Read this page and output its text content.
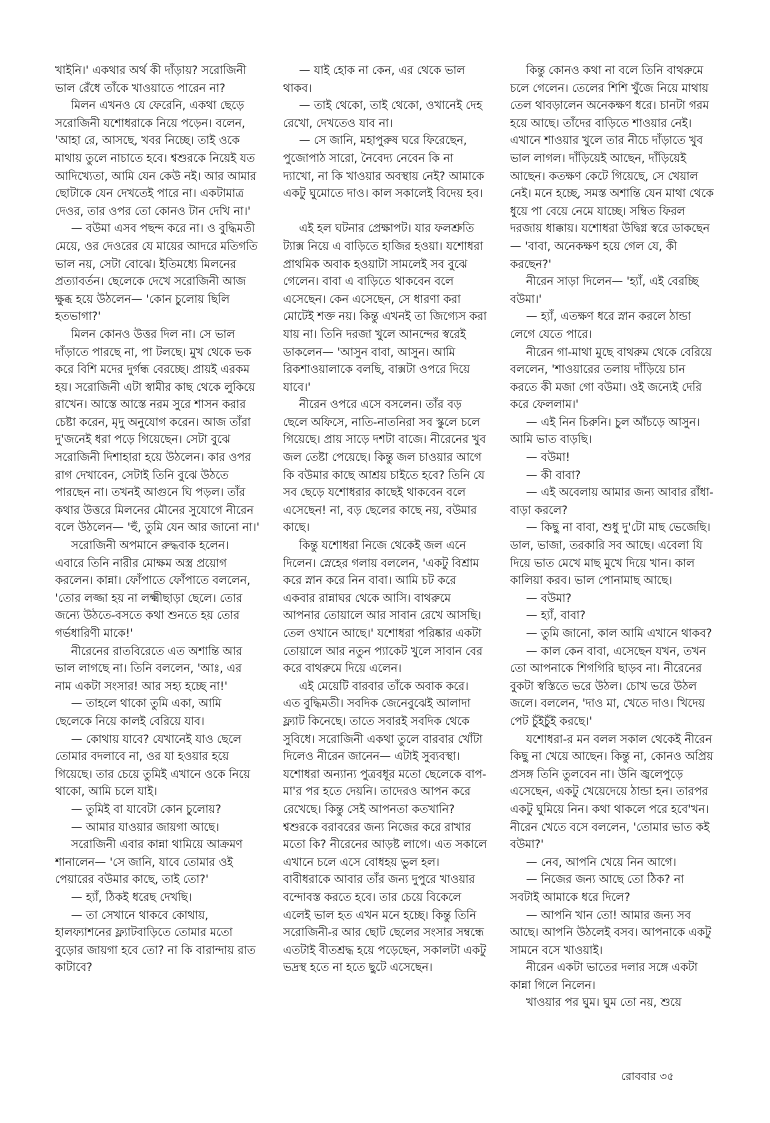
খাইনি।' একথার অর্থ কী দাঁড়ায়? সরোজিনী ভাল রেঁধে তাঁকে খাওয়াতে পারেন না?

মিলন এখনও যে ফেরেনি, একথা ছেড়ে সরোজিনী যশোধরাকে নিয়ে পড়েন। বলেন, 'আহা রে, আসছে, খবর নিচ্ছে। তাই ওকে মাথায় তুলে নাচাতে হবে। শ্বশুরকে নিয়েই যত আদিখ্যেতা, আমি যেন কেউ নই। আর আমার ছোটাকে যেন দেখতেই পারে না। একটামাত্র দেওর, তার ওপর তো কোনও টান দেখি না।'

— বউমা এসব পছন্দ করে না। ও বুদ্ধিমতী মেয়ে, ওর দেওরের যে মায়ের আদরে মতিগতি ভাল নয়, সেটা বোঝে। ইতিমধ্যে মিলনের প্রত্যাবর্তন। ছেলেকে দেখে সরোজিনী আজ ক্ষুব্ধ হয়ে উঠলেন— 'কোন চুলোয় ছিলি হতভাগা?'

মিলন কোনও উত্তর দিল না। সে ভাল দাঁড়াতে পারছে না, পা টলছে। মুখ থেকে ভক করে বিশি মদের দুর্গন্ধ বেরচ্ছে। প্রায়ই এরকম হয়। সরোজিনী এটা স্বামীর কাছ থেকে লুকিয়ে রাখেন। আস্তে আস্তে নরম সুরে শাসন করার চেষ্টা করেন, মৃদু অনুযোগ করেন। আজ তাঁরা দু'জনেই ধরা পড়ে গিয়েছেন। সেটা বুঝে সরোজিনী দিশাহারা হয়ে উঠলেন। কার ওপর রাগ দেখাবেন, সেটাই তিনি বুঝে উঠতে পারছেন না। তখনই আগুনে ঘি পড়ল। তাঁর কথার উত্তরে মিলনের মৌনের সুযোগে নীরেন বলে উঠলেন— 'হুঁ, তুমি যেন আর জানো না।'

সরোজিনী অপমানে রুদ্ধবাক হলেন। এবারে তিনি নারীর মোক্ষম অস্ত্র প্রয়োগ করলেন। কান্না। ফোঁপাতে ফোঁপাতে বললেন, 'তোর লজ্জা হয় না লক্ষ্মীছাড়া ছেলে। তোর জন্যে উঠতে-বসতে কথা শুনতে হয় তোর গর্ভধারিণী মাকে!'

নীরেনের রাতবিরেতে এত অশান্তি আর ভাল লাগছে না। তিনি বললেন, 'আঃ, এর নাম একটা সংসার! আর সহ্য হচ্ছে না!'

— তাহলে থাকো তুমি একা, আমি ছেলেকে নিয়ে কালই বেরিয়ে যাব।

— কোথায় যাবে? যেখানেই যাও ছেলে তোমার বদলাবে না, ওর যা হওয়ার হয়ে গিয়েছে। তার চেয়ে তুমিই এখানে ওকে নিয়ে থাকো, আমি চলে যাই।

— তুমিই বা যাবেটা কোন চুলোয়?

— আমার যাওয়ার জায়গা আছে।

সরোজিনী এবার কান্না থামিয়ে আক্রমণ শানালেন— 'সে জানি, যাবে তোমার ওই পেয়ারের বউমার কাছে, তাই তো?'

— হ্যাঁ, ঠিকই ধরেছ দেখছি।

— তা সেখানে থাকবে কোথায়, হালফ্যাশনের ফ্ল্যাটবাড়িতে তোমার মতো বুড়োর জায়গা হবে তো? না কি বারান্দায় রাত কাটাবে?

— যাই হোক না কেন, এর থেকে ভাল থাকব।

— তাই থেকো, তাই থেকো, ওখানেই দেহ রেখো, দেখতেও যাব না।

— সে জানি, মহাপুরুষ ঘরে ফিরেছেন, পুজোপাঠ সারো, নৈবেদ্য নেবেন কি না দ্যাখো, না কি খাওয়ার অবস্থায় নেই? আমাকে একটু ঘুমোতে দাও। কাল সকালেই বিদেয় হব।

এই হল ঘটনার প্রেক্ষাপট। যার ফলশ্রুতি ট্যাক্স নিয়ে এ বাড়িতে হাজির হওয়া। যশোধরা প্রাথমিক অবাক হওয়াটা সামলেই সব বুঝে গেলেন। বাবা এ বাড়িতে থাকবেন বলে এসেছেন। কেন এসেছেন, সে ধারণা করা মোটেই শক্ত নয়। কিন্তু এখনই তা জিগ্যেস করা যায় না। তিনি দরজা খুলে আনন্দের স্বরেই ডাকলেন— 'আসুন বাবা, আসুন। আমি রিকশাওয়ালাকে বলছি, বাক্সটা ওপরে দিয়ে যাবে।'

নীরেন ওপরে এসে বসলেন। তাঁর বড় ছেলে অফিসে, নাতি-নাতনিরা সব স্কুলে চলে গিয়েছে। প্রায় সাড়ে দশটা বাজে। নীরেনের খুব জল তেষ্টা পেয়েছে। কিন্তু জল চাওয়ার আগে কি বউমার কাছে আশ্রয় চাইতে হবে? তিনি যে সব ছেড়ে যশোধরার কাছেই থাকবেন বলে এসেছেন! না, বড় ছেলের কাছে নয়, বউমার কাছে।

কিন্তু যশোধরা নিজে থেকেই জল এনে দিলেন। স্নেহের গলায় বললেন, 'একটু বিশ্রাম করে স্নান করে নিন বাবা। আমি চট করে একবার রান্নাঘর থেকে আসি। বাথরুমে আপনার তোয়ালে আর সাবান রেখে আসছি। তেল ওখানে আছে।' যশোধরা পরিষ্কার একটা তোয়ালে আর নতুন প্যাকেট খুলে সাবান বের করে বাথরুমে দিয়ে এলেন।

এই মেয়েটি বারবার তাঁকে অবাক করে। এত বুদ্ধিমতী। সবদিক জেনেবুঝেই আলাদা ফ্ল্যাট কিনেছে। তাতে সবারই সবদিক থেকে সুবিধে। সরোজিনী একথা তুলে বারবার খোঁটা দিলেও নীরেন জানেন— এটাই সুব্যবস্থা। যশোধরা অন্যান্য পুত্রবধূর মতো ছেলেকে বাপ-মা'র পর হতে দেয়নি। তাদেরও আপন করে রেখেছে। কিন্তু সেই আপনতা কতখানি? শ্বশুরকে বরাবরের জন্য নিজের করে রাখার মতো কি? নীরেনের আড়ষ্ট লাগে। এত সকালে এখানে চলে এসে বোধহয় ভুল হল। বাবীধরাকে আবার তাঁর জন্য দুপুরে খাওয়ার বন্দোবস্ত করতে হবে। তার চেয়ে বিকেলে এলেই ভাল হত এখন মনে হচ্ছে। কিন্তু তিনি সরোজিনী-র আর ছোট ছেলের সংসার সম্বন্ধে এতটাই বীতশ্রদ্ধ হয়ে পড়েছেন, সকালটা একটু ভদ্রস্থ হতে না হতে ছুটে এসেছেন।

কিন্তু কোনও কথা না বলে তিনি বাথরুমে চলে গেলেন। তেলের শিশি খুঁজে নিয়ে মাথায় তেল থাবড়ালেন অনেকক্ষণ ধরে। চানটা গরম হয়ে আছে। তাঁদের বাড়িতে শাওয়ার নেই। এখানে শাওয়ার খুলে তার নীচে দাঁড়াতে খুব ভাল লাগল। দাঁড়িয়েই আছেন, দাঁড়িয়েই আছেন। কতক্ষণ কেটে গিয়েছে, সে খেয়াল নেই। মনে হচ্ছে, সমস্ত অশান্তি যেন মাথা থেকে ধুয়ে পা বেয়ে নেমে যাচ্ছে। সম্বিত ফিরল দরজায় ধাক্কায়। যশোধরা উদ্বিগ্ন স্বরে ডাকছেন— 'বাবা, অনেকক্ষণ হয়ে গেল যে, কী করছেন?'

নীরেন সাড়া দিলেন— 'হ্যাঁ, এই বেরচ্ছি বউমা।'

— হ্যাঁ, এতক্ষণ ধরে স্নান করলে ঠান্ডা লেগে যেতে পারে।

নীরেন গা-মাথা মুছে বাথরুম থেকে বেরিয়ে বললেন, 'শাওয়ারের তলায় দাঁড়িয়ে চান করতে কী মজা গো বউমা। ওই জন্যেই দেরি করে ফেললাম।'

— এই নিন চিরুনি। চুল আঁচড়ে আসুন। আমি ভাত বাড়ছি।

— বউমা!

— কী বাবা?

— এই অবেলায় আমার জন্য আবার রাঁধা-বাড়া করলে?

— কিছু না বাবা, শুধু দু'টো মাছ ভেজেছি। ডাল, ভাজা, তরকারি সব আছে। এবেলা যি দিয়ে ভাত মেখে মাছ মুখে দিয়ে খান। কাল কালিয়া করব। ভাল পোনামাছ আছে।

— বউমা?

— হ্যাঁ, বাবা?

— তুমি জানো, কাল আমি এখানে থাকব?

— কাল কেন বাবা, এসেছেন যখন, তখন তো আপনাকে শিগগিরি ছাড়ব না। নীরেনের বুকটা স্বস্তিতে ভরে উঠল। চোখ ভরে উঠল জলে। বললেন, 'দাও মা, খেতে দাও। খিদেয় পেট চুঁইচুঁই করছে।'

যশোধরা-র মন বলল সকাল থেকেই নীরেন কিছু না খেয়ে আছেন। কিন্তু না, কোনও অপ্রিয় প্রসঙ্গ তিনি তুলবেন না। উনি জ্বলেপুড়ে এসেছেন, একটু খেয়েদেয়ে ঠান্ডা হন। তারপর একটু ঘুমিয়ে নিন। কথা থাকলে পরে হবে'খন। নীরেন খেতে বসে বললেন, 'তোমার ভাত কই বউমা?'

— নেব, আপনি খেয়ে নিন আগে।

— নিজের জন্য আছে তো ঠিক? না সবটাই আমাকে ধরে দিলে?

— আপনি খান তো! আমার জন্য সব আছে। আপনি উঠলেই বসব। আপনাকে একটু সামনে বসে খাওয়াই।

নীরেন একটা ভাতের দলার সঙ্গে একটা কান্না গিলে নিলেন।

খাওয়ার পর ঘুম। ঘুম তো নয়, শুয়ে

রোববার ৩৫
